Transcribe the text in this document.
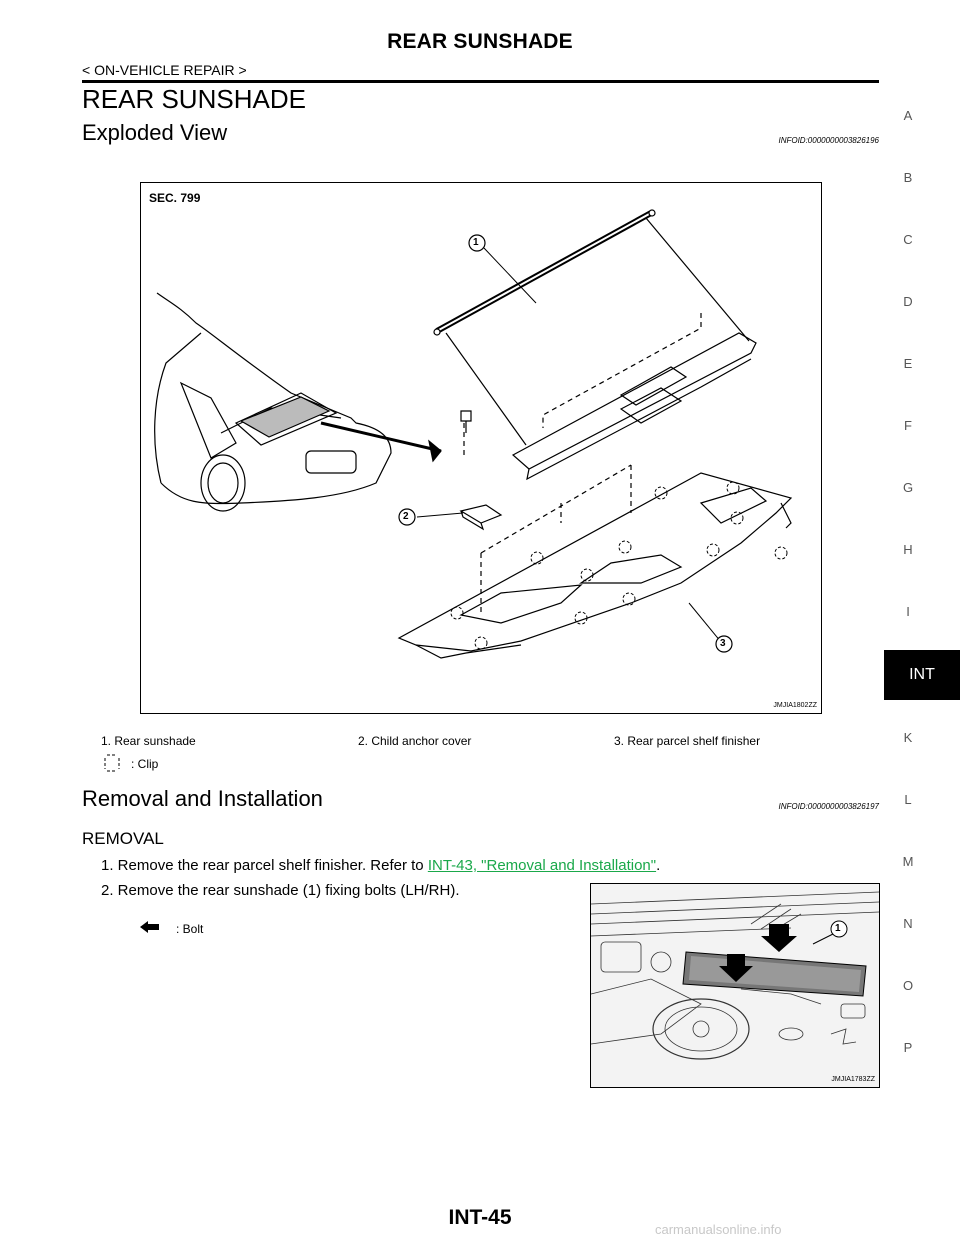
REAR SUNSHADE
< ON-VEHICLE REPAIR >
REAR SUNSHADE
Exploded View	INFOID:0000000003826196
SEC. 799
1
2
3
JMJIA1802ZZ
1. Rear sunshade	2. Child anchor cover	3. Rear parcel shelf finisher
: Clip
Removal and Installation	INFOID:0000000003826197
REMOVAL
1. Remove the rear parcel shelf finisher. Refer to INT-43, "Removal and Installation".
2. Remove the rear sunshade (1) fixing bolts (LH/RH).
: Bolt	1
JMJIA1783ZZ
A
B
C
D
E
F
G
H
I
INT
K
L
M
N
O
P
INT-45
carmanualsonline.info
